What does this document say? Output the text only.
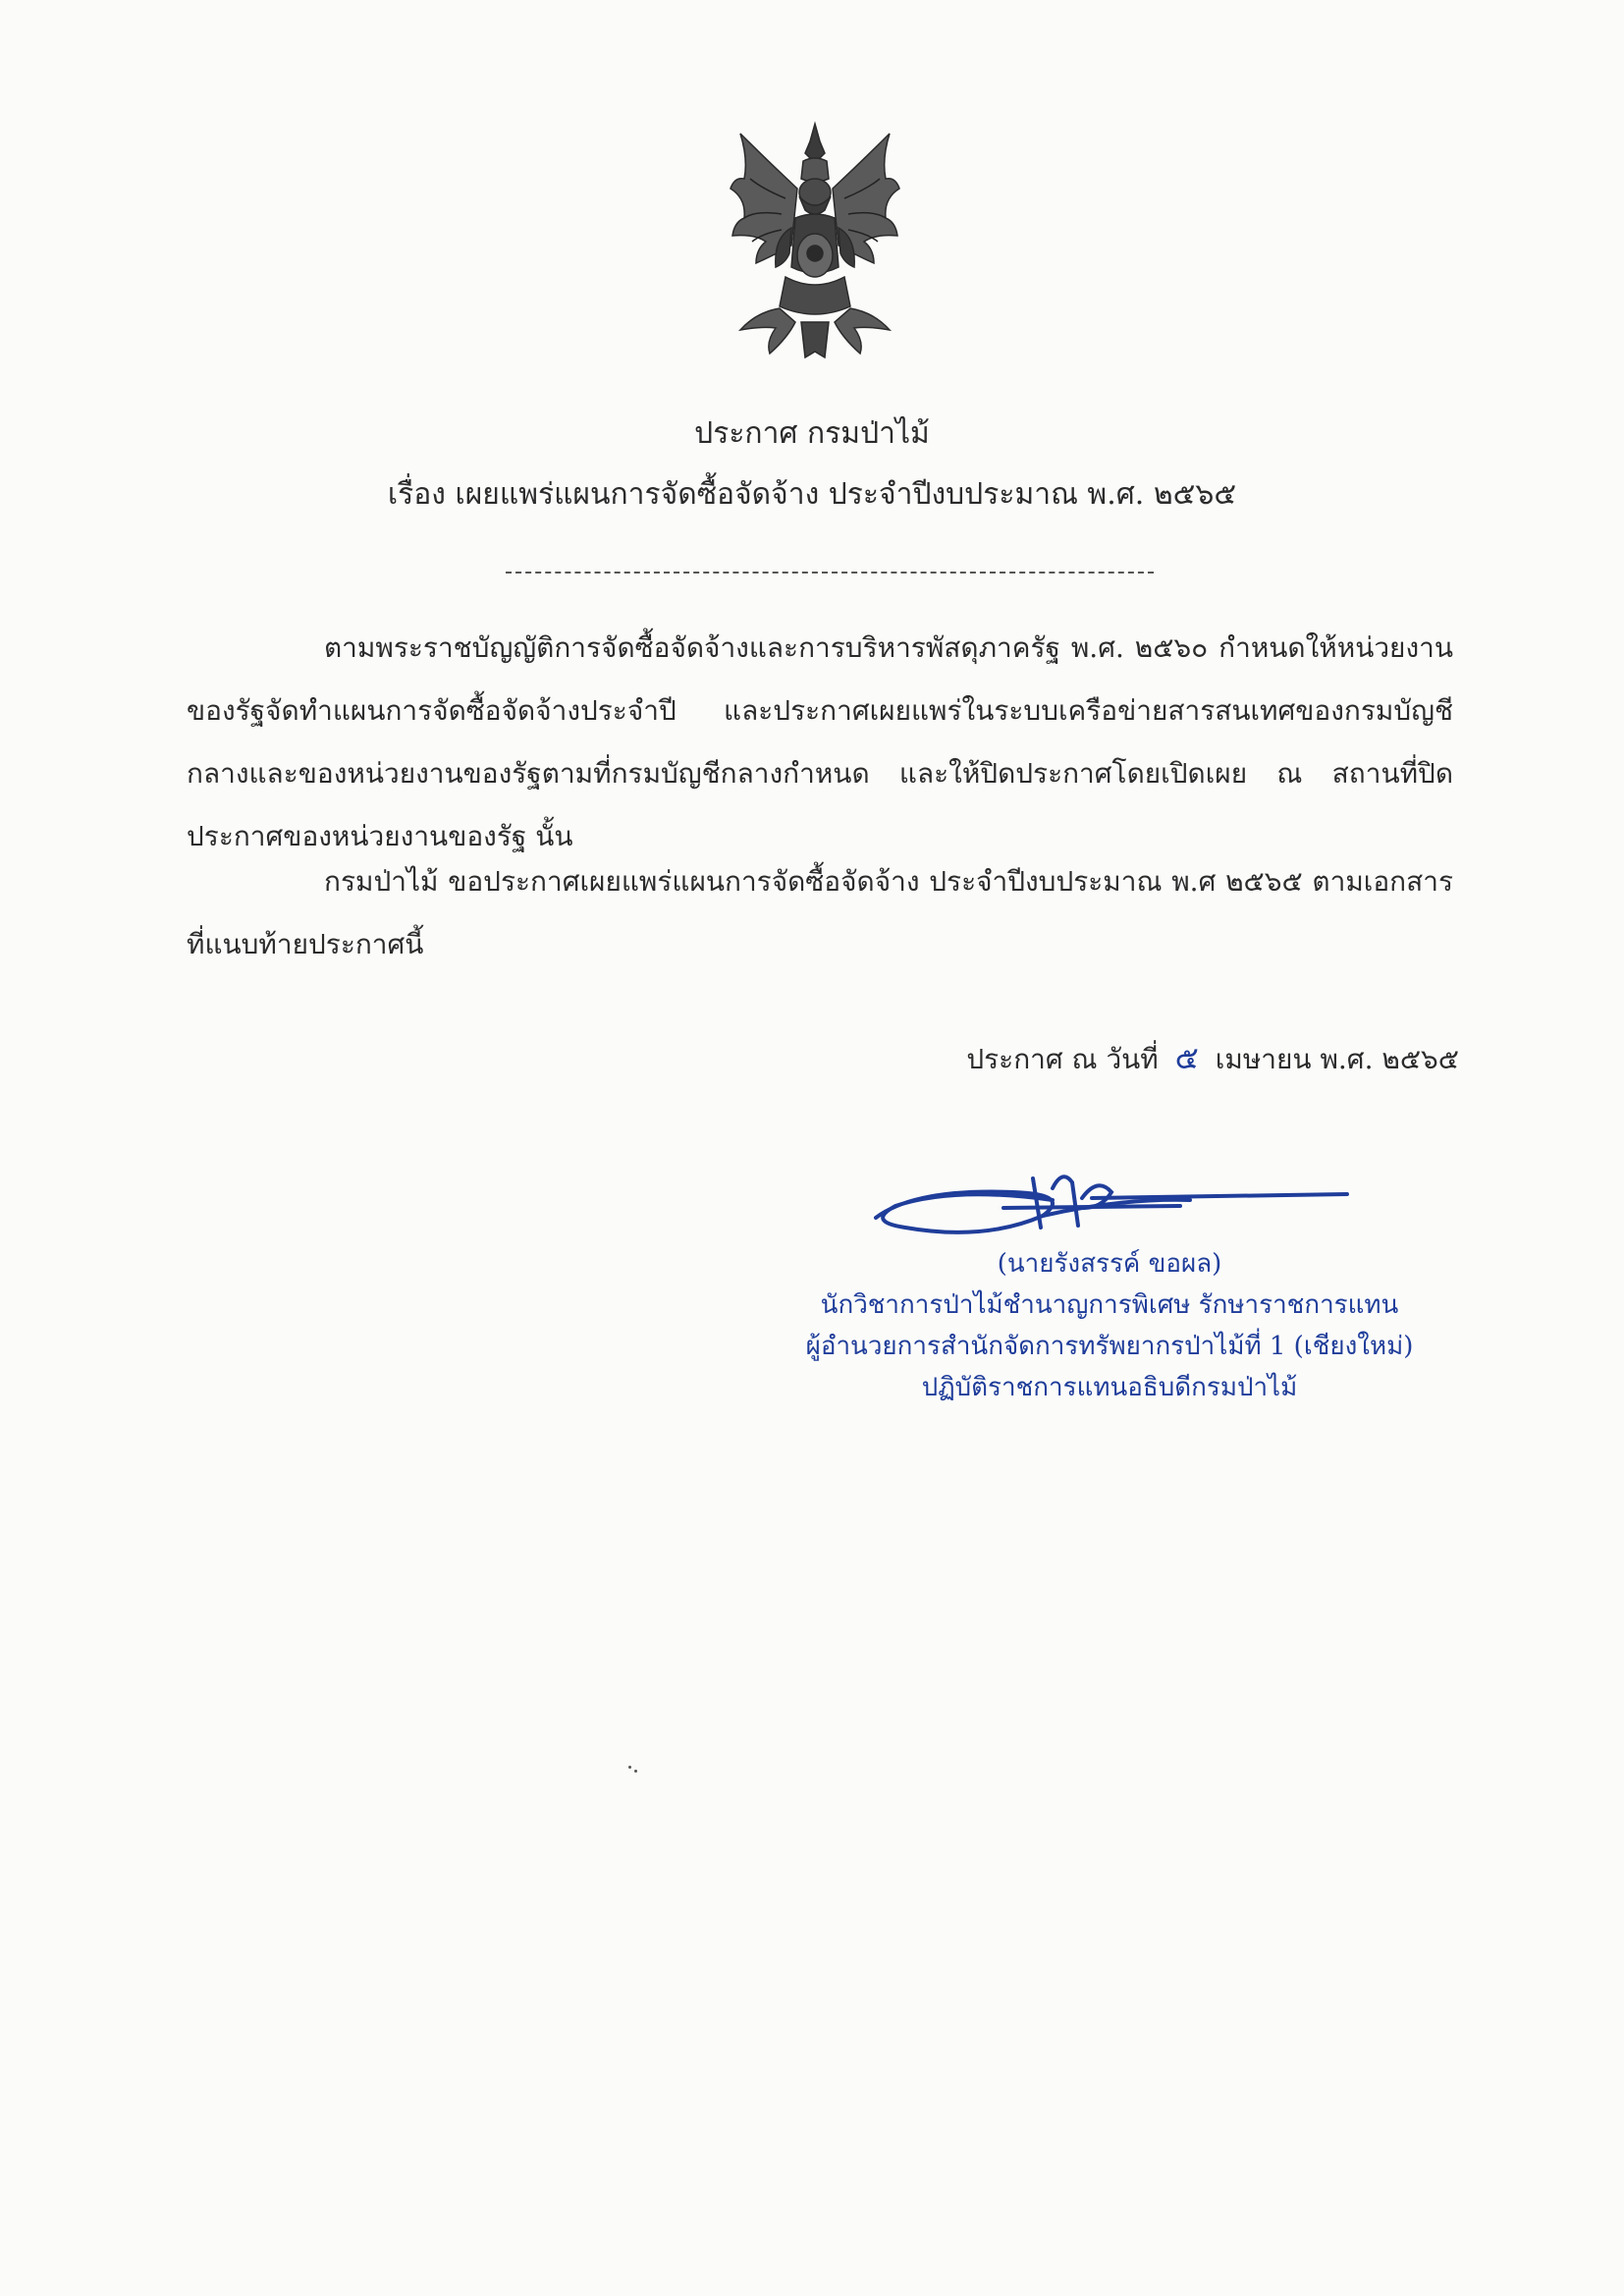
ประกาศ กรมป่าไม้
เรื่อง เผยแพร่แผนการจัดซื้อจัดจ้าง ประจำปีงบประมาณ พ.ศ. ๒๕๖๕

ตามพระราชบัญญัติการจัดซื้อจัดจ้างและการบริหารพัสดุภาครัฐ พ.ศ. ๒๕๖๐ กำหนดให้หน่วยงานของรัฐจัดทำแผนการจัดซื้อจัดจ้างประจำปี และประกาศเผยแพร่ในระบบเครือข่ายสารสนเทศของกรมบัญชีกลางและของหน่วยงานของรัฐตามที่กรมบัญชีกลางกำหนด และให้ปิดประกาศโดยเปิดเผย ณ สถานที่ปิดประกาศของหน่วยงานของรัฐ นั้น

กรมป่าไม้ ขอประกาศเผยแพร่แผนการจัดซื้อจัดจ้าง ประจำปีงบประมาณ พ.ศ ๒๕๖๕ ตามเอกสารที่แนบท้ายประกาศนี้

ประกาศ ณ วันที่ ๕ เมษายน พ.ศ. ๒๕๖๕
(นายรังสรรค์ ขอผล)
นักวิชาการป่าไม้ชำนาญการพิเศษ รักษาราชการแทน
ผู้อำนวยการสำนักจัดการทรัพยากรป่าไม้ที่ 1 (เชียงใหม่)
ปฏิบัติราชการแทนอธิบดีกรมป่าไม้
